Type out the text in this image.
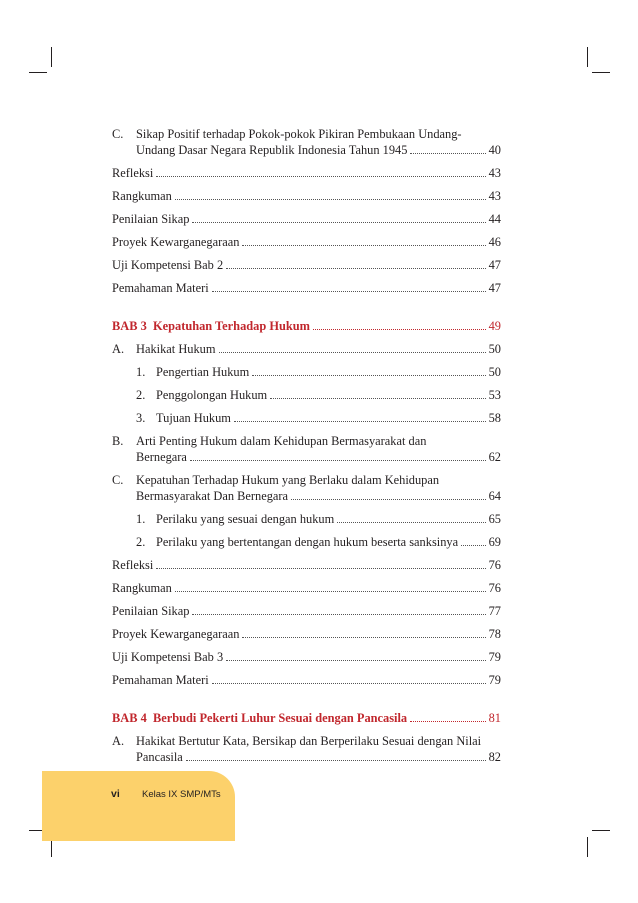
C. Sikap Positif terhadap Pokok-pokok Pikiran Pembukaan Undang-
Undang Dasar Negara Republik Indonesia Tahun 1945	40
Refleksi	43
Rangkuman	43
Penilaian Sikap	44
Proyek Kewarganegaraan	46
Uji Kompetensi Bab 2	47
Pemahaman Materi	47
BAB 3  Kepatuhan Terhadap Hukum	49
A. Hakikat Hukum	50
1. Pengertian Hukum	50
2. Penggolongan Hukum	53
3. Tujuan Hukum	58
B. Arti Penting Hukum dalam Kehidupan Bermasyarakat dan
Bernegara	62
C. Kepatuhan Terhadap Hukum yang Berlaku dalam Kehidupan
Bermasyarakat Dan Bernegara	64
1. Perilaku yang sesuai dengan hukum	65
2. Perilaku yang bertentangan dengan hukum beserta sanksinya 69
Refleksi	76
Rangkuman	76
Penilaian Sikap	77
Proyek Kewarganegaraan	78
Uji Kompetensi Bab 3	79
Pemahaman Materi	79
BAB 4  Berbudi Pekerti Luhur Sesuai dengan Pancasila	81
A. Hakikat Bertutur Kata, Bersikap dan Berperilaku Sesuai dengan Nilai
Pancasila	82
vi Kelas IX SMP/MTs
